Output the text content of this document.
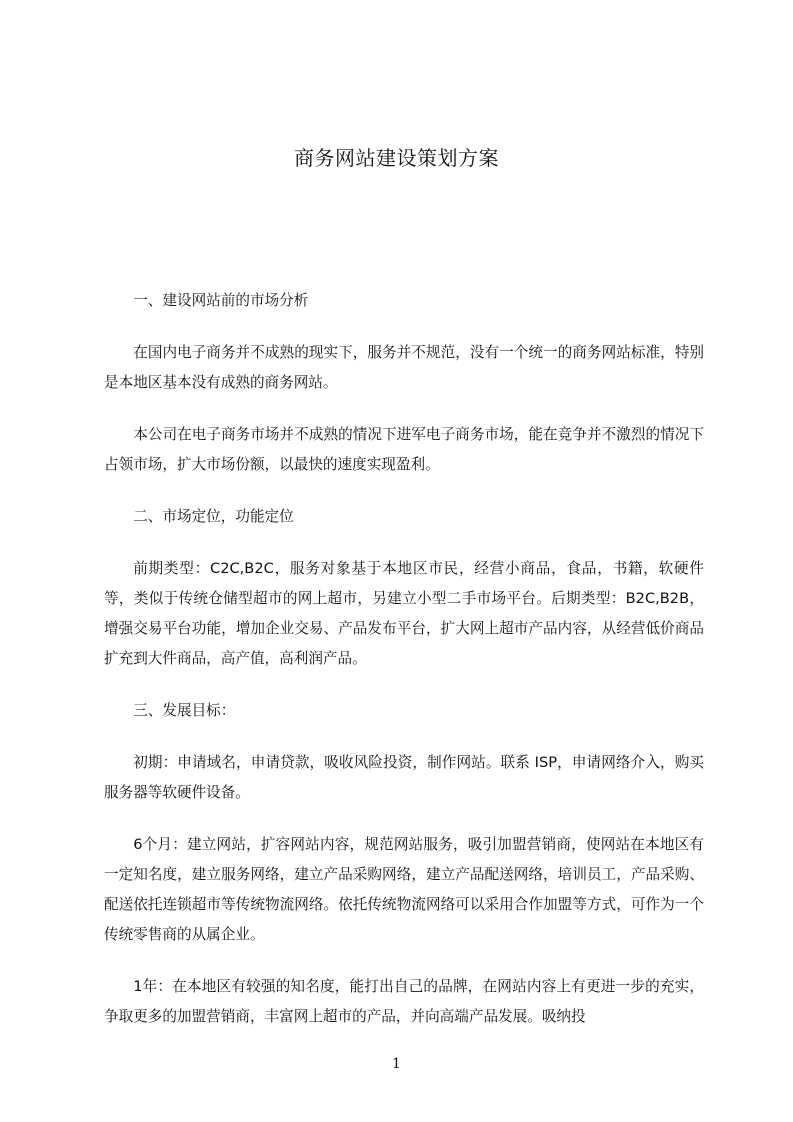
商务网站建设策划方案

一、建设网站前的市场分析

在国内电子商务并不成熟的现实下，服务并不规范，没有一个统一的商务网站标准，特别是本地区基本没有成熟的商务网站。

本公司在电子商务市场并不成熟的情况下进军电子商务市场，能在竞争并不激烈的情况下占领市场，扩大市场份额，以最快的速度实现盈利。

二、市场定位，功能定位

前期类型：C2C,B2C，服务对象基于本地区市民，经营小商品，食品，书籍，软硬件等，类似于传统仓储型超市的网上超市，另建立小型二手市场平台。后期类型：B2C,B2B，增强交易平台功能，增加企业交易、产品发布平台，扩大网上超市产品内容，从经营低价商品扩充到大件商品，高产值，高利润产品。

三、发展目标：

初期：申请域名，申请贷款，吸收风险投资，制作网站。联系 ISP，申请网络介入，购买服务器等软硬件设备。

6个月：建立网站，扩容网站内容，规范网站服务，吸引加盟营销商，使网站在本地区有一定知名度，建立服务网络，建立产品采购网络，建立产品配送网络，培训员工，产品采购、配送依托连锁超市等传统物流网络。依托传统物流网络可以采用合作加盟等方式，可作为一个传统零售商的从属企业。

1年：在本地区有较强的知名度，能打出自己的品牌，在网站内容上有更进一步的充实，争取更多的加盟营销商，丰富网上超市的产品，并向高端产品发展。吸纳投

1
